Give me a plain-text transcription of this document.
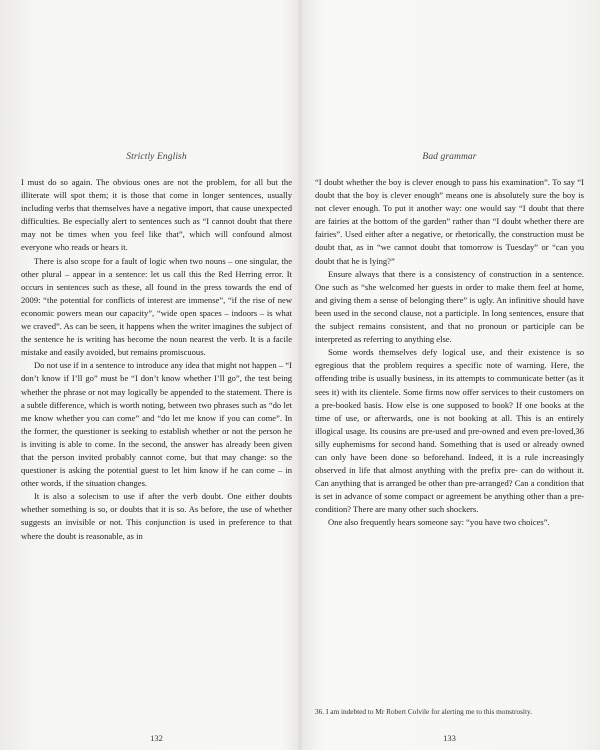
Strictly English

I must do so again. The obvious ones are not the problem, for all but the illiterate will spot them; it is those that come in longer sentences, usually including verbs that themselves have a negative import, that cause unexpected difficulties. Be especially alert to sentences such as “I cannot doubt that there may not be times when you feel like that”, which will confound almost everyone who reads or hears it.

There is also scope for a fault of logic when two nouns – one singular, the other plural – appear in a sentence: let us call this the Red Herring error. It occurs in sentences such as these, all found in the press towards the end of 2009: “the potential for conflicts of interest are immense”, “if the rise of new economic powers mean our capacity”, “wide open spaces – indoors – is what we craved”. As can be seen, it happens when the writer imagines the subject of the sentence he is writing has become the noun nearest the verb. It is a facile mistake and easily avoided, but remains promiscuous.

Do not use if in a sentence to introduce any idea that might not happen – “I don’t know if I’ll go” must be “I don’t know whether I’ll go”, the test being whether the phrase or not may logically be appended to the statement. There is a subtle difference, which is worth noting, between two phrases such as “do let me know whether you can come” and “do let me know if you can come”. In the former, the questioner is seeking to establish whether or not the person he is inviting is able to come. In the second, the answer has already been given that the person invited probably cannot come, but that may change: so the questioner is asking the potential guest to let him know if he can come – in other words, if the situation changes.

It is also a solecism to use if after the verb doubt. One either doubts whether something is so, or doubts that it is so. As before, the use of whether suggests an invisible or not. This conjunction is used in preference to that where the doubt is reasonable, as in

132
Bad grammar

“I doubt whether the boy is clever enough to pass his examination”. To say “I doubt that the boy is clever enough” means one is absolutely sure the boy is not clever enough. To put it another way: one would say “I doubt that there are fairies at the bottom of the garden” rather than “I doubt whether there are fairies”. Used either after a negative, or rhetorically, the construction must be doubt that, as in “we cannot doubt that tomorrow is Tuesday” or “can you doubt that he is lying?”

Ensure always that there is a consistency of construction in a sentence. One such as “she welcomed her guests in order to make them feel at home, and giving them a sense of belonging there” is ugly. An infinitive should have been used in the second clause, not a participle. In long sentences, ensure that the subject remains consistent, and that no pronoun or participle can be interpreted as referring to anything else.

Some words themselves defy logical use, and their existence is so egregious that the problem requires a specific note of warning. Here, the offending tribe is usually business, in its attempts to communicate better (as it sees it) with its clientele. Some firms now offer services to their customers on a pre-booked basis. How else is one supposed to book? If one books at the time of use, or afterwards, one is not booking at all. This is an entirely illogical usage. Its cousins are pre-used and pre-owned and even pre-loved,36 silly euphemisms for second hand. Something that is used or already owned can only have been done so beforehand. Indeed, it is a rule increasingly observed in life that almost anything with the prefix pre- can do without it. Can anything that is arranged be other than pre-arranged? Can a condition that is set in advance of some compact or agreement be anything other than a pre-condition? There are many other such shockers.

One also frequently hears someone say: “you have two choices”.

36. I am indebted to Mr Robert Colvile for alerting me to this monstrosity.
133
